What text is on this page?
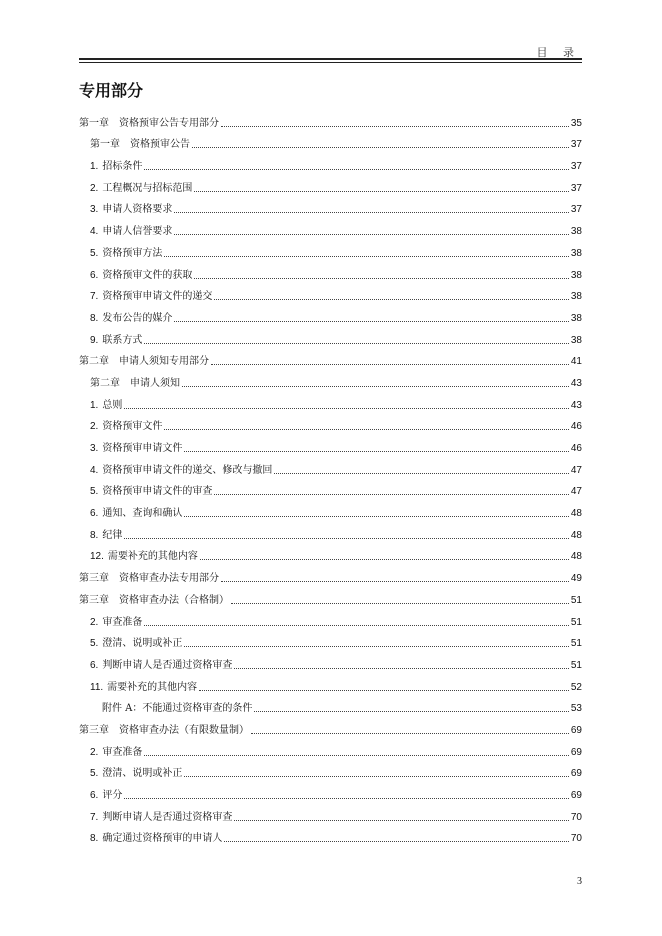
目 录
专用部分
第一章　资格预审公告专用部分	35
第一章　资格预审公告	37
1. 招标条件	37
2. 工程概况与招标范围	37
3. 申请人资格要求	37
4. 申请人信誉要求	38
5. 资格预审方法	38
6. 资格预审文件的获取	38
7. 资格预审申请文件的递交	38
8. 发布公告的媒介	38
9. 联系方式	38
第二章　申请人须知专用部分	41
第二章　申请人须知	43
1. 总则	43
2. 资格预审文件	46
3. 资格预审申请文件	46
4. 资格预审申请文件的递交、修改与撤回	47
5. 资格预审申请文件的审查	47
6. 通知、查询和确认	48
8. 纪律	48
12. 需要补充的其他内容	48
第三章　资格审查办法专用部分	49
第三章　资格审查办法（合格制）	51
2. 审查准备	51
5. 澄清、说明或补正	51
6. 判断申请人是否通过资格审查	51
11. 需要补充的其他内容	52
附件 A：不能通过资格审查的条件	53
第三章　资格审查办法（有限数量制）	69
2. 审查准备	69
5. 澄清、说明或补正	69
6. 评分	69
7. 判断申请人是否通过资格审查	70
8. 确定通过资格预审的申请人	70
3
